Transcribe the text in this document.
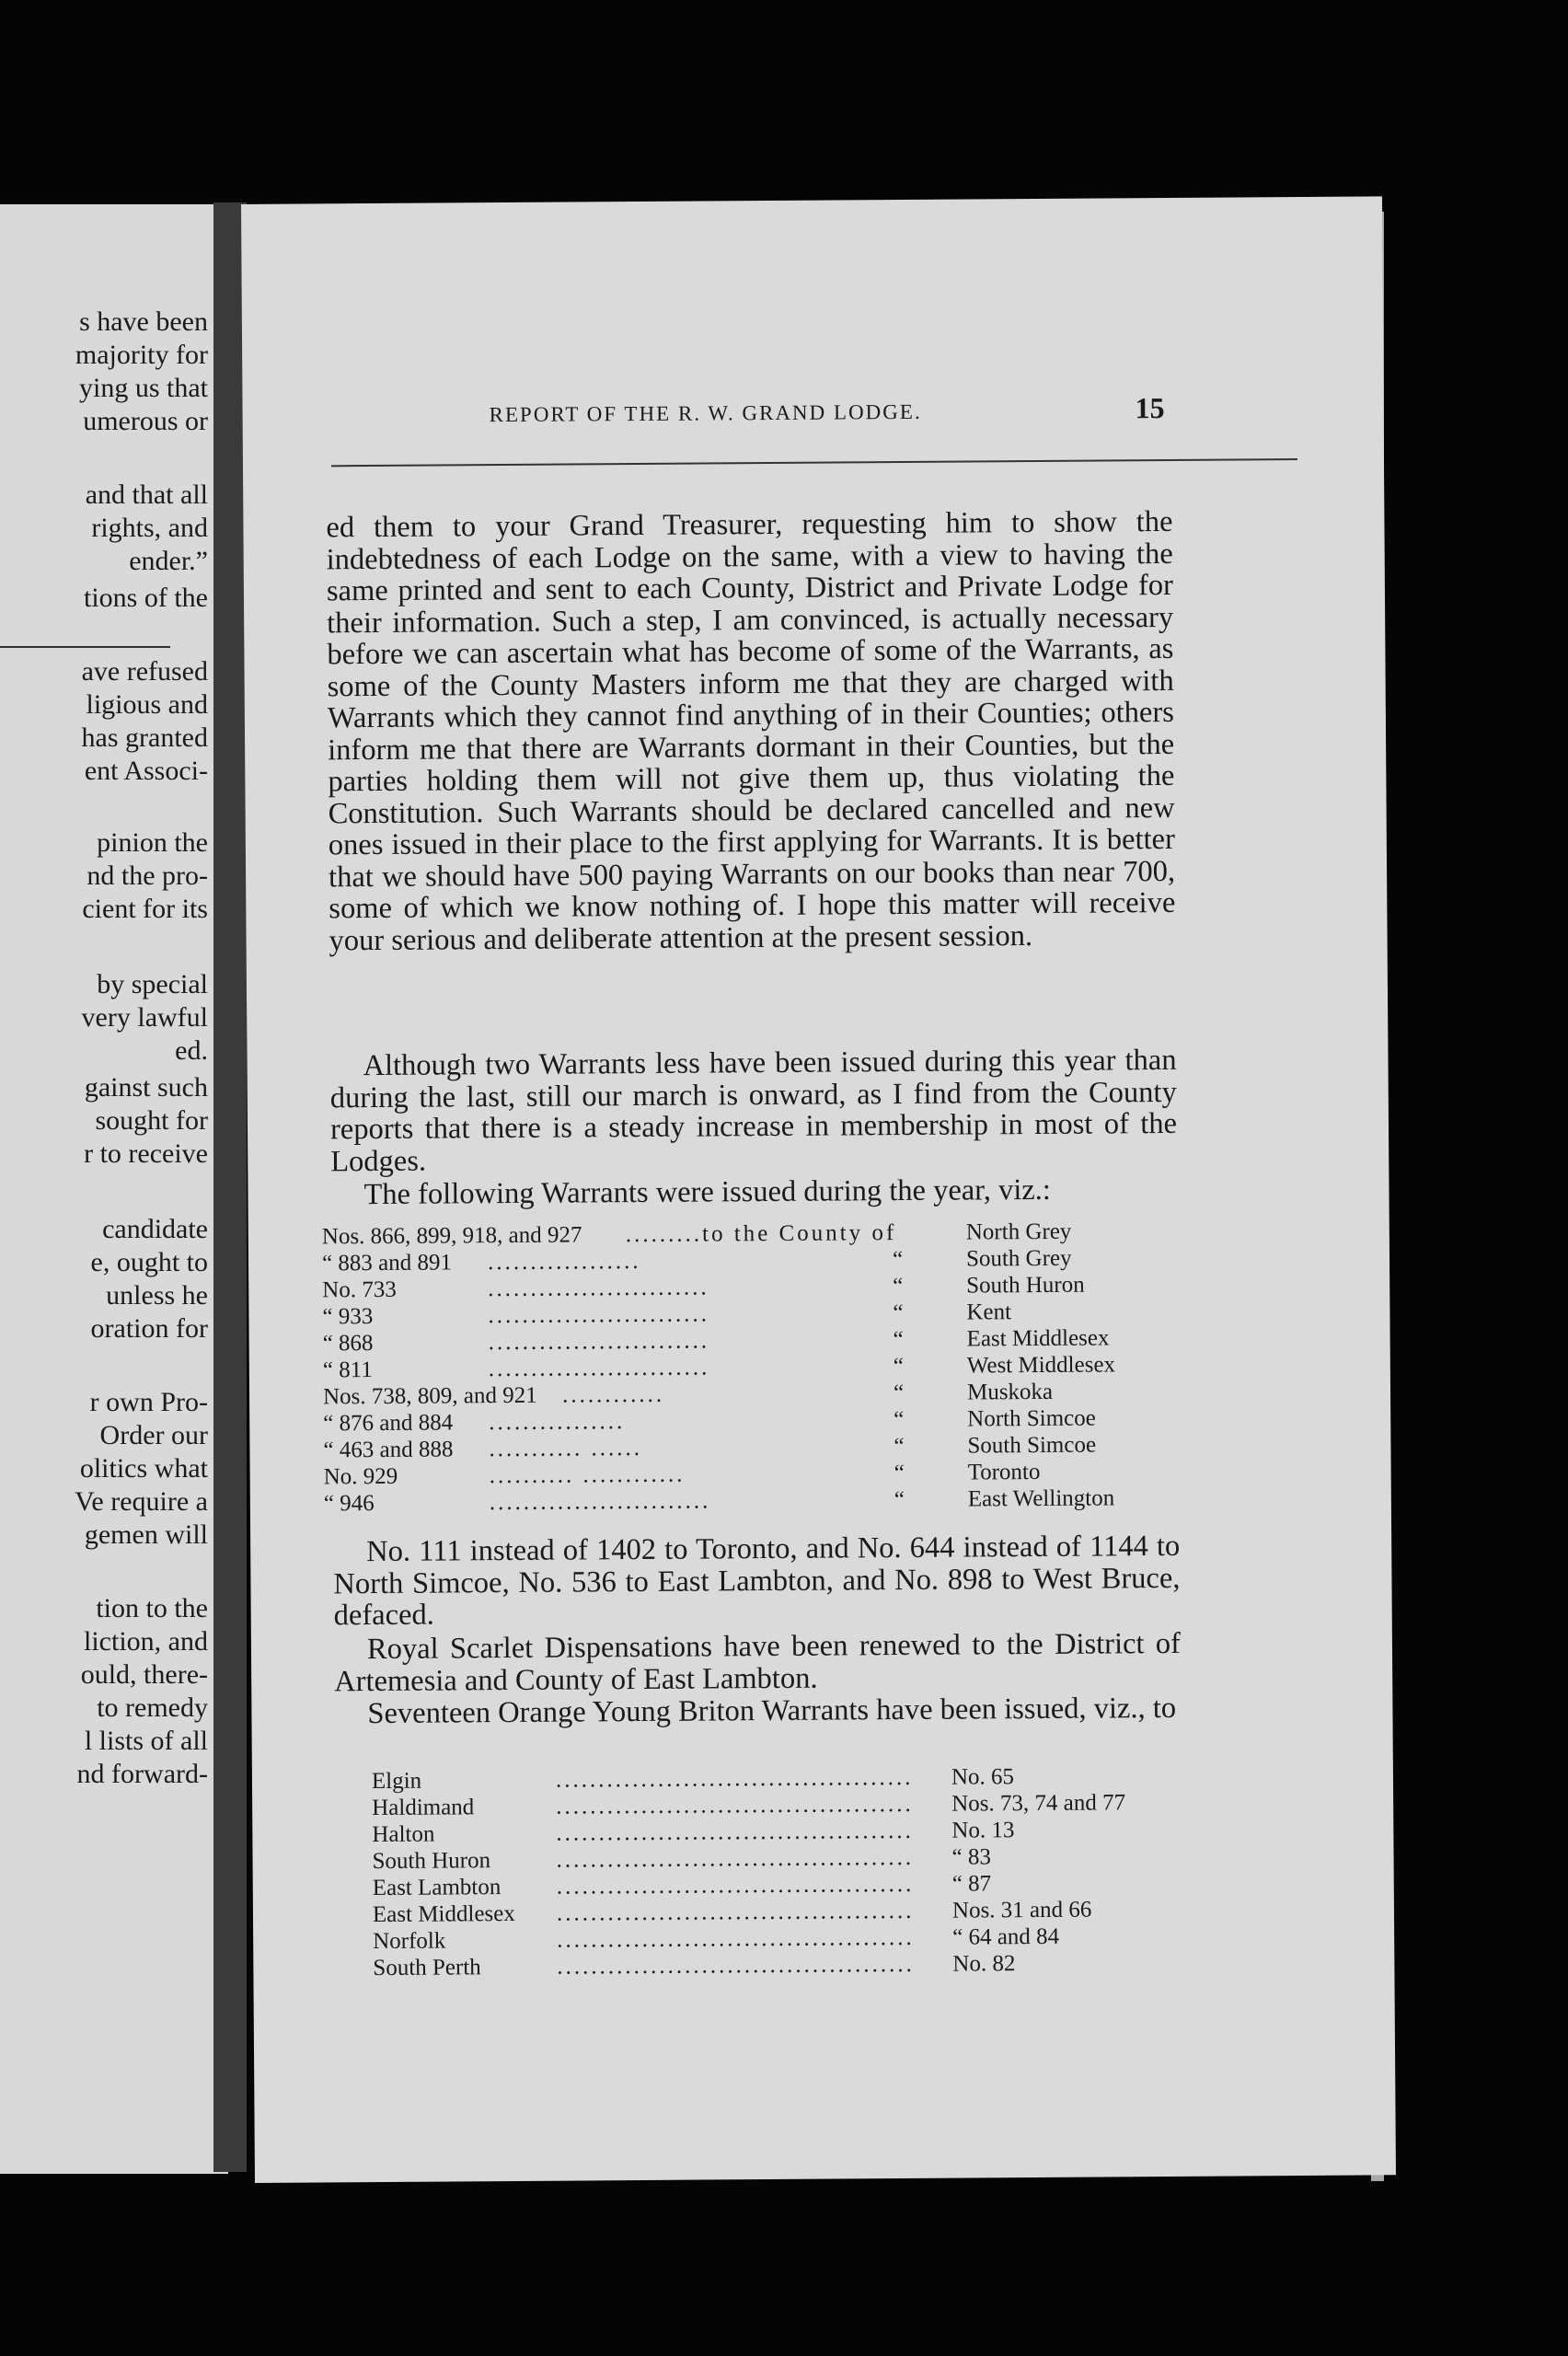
s have been
majority for
ying us that
umerous or
and that all
rights, and
ender.”
tions of the
ave refused
ligious and
has granted
ent Associ-
pinion the
nd the pro-
cient for its
by special
very lawful
ed.
gainst such
sought for
r to receive
candidate
e, ought to
unless he
oration for
r own Pro-
Order our
olitics what
Ve require a
gemen will
tion to the
liction, and
ould, there-
to remedy
l lists of all
nd forward-
REPORT OF THE R. W. GRAND LODGE.	15
ed them to your Grand Treasurer, requesting him to show the indebtedness of each Lodge on the same, with a view to having the same printed and sent to each County, District and Private Lodge for their information. Such a step, I am convinced, is actually necessary before we can ascertain what has become of some of the Warrants, as some of the County Masters inform me that they are charged with Warrants which they cannot find anything of in their Counties; others inform me that there are Warrants dormant in their Counties, but the parties holding them will not give them up, thus violating the Constitution. Such Warrants should be declared cancelled and new ones issued in their place to the first applying for Warrants. It is better that we should have 500 paying Warrants on our books than near 700, some of which we know nothing of. I hope this matter will receive your serious and deliberate attention at the present session.
Although two Warrants less have been issued during this year than during the last, still our march is onward, as I find from the County reports that there is a steady increase in membership in most of the Lodges.
The following Warrants were issued during the year, viz.:
Nos. 866, 899, 918, and 927 .........to the County of	North Grey
“ 883 and 891 ..................	“	South Grey
No. 733	..........................	“	South Huron
“ 933	..........................	“	Kent
“ 868	..........................	“	East Middlesex
“ 811	..........................	“	West Middlesex
Nos. 738, 809, and 921 ............	“	Muskoka
“ 876 and 884 ................	“	North Simcoe
“ 463 and 888 ........... ......	“	South Simcoe
No. 929	.......... ............	“	Toronto
“ 946	..........................	“	East Wellington
No. 111 instead of 1402 to Toronto, and No. 644 instead of 1144 to North Simcoe, No. 536 to East Lambton, and No. 898 to West Bruce, defaced.
Royal Scarlet Dispensations have been renewed to the District of Artemesia and County of East Lambton.
Seventeen Orange Young Briton Warrants have been issued, viz., to
Elgin	.......................................... No. 65
Haldimand	.......................................... Nos. 73, 74 and 77
Halton	.......................................... No. 13
South Huron	.......................................... “ 83
East Lambton .......................................... “ 87
East Middlesex .......................................... Nos. 31 and 66
Norfolk	.......................................... “ 64 and 84
South Perth	.......................................... No. 82
